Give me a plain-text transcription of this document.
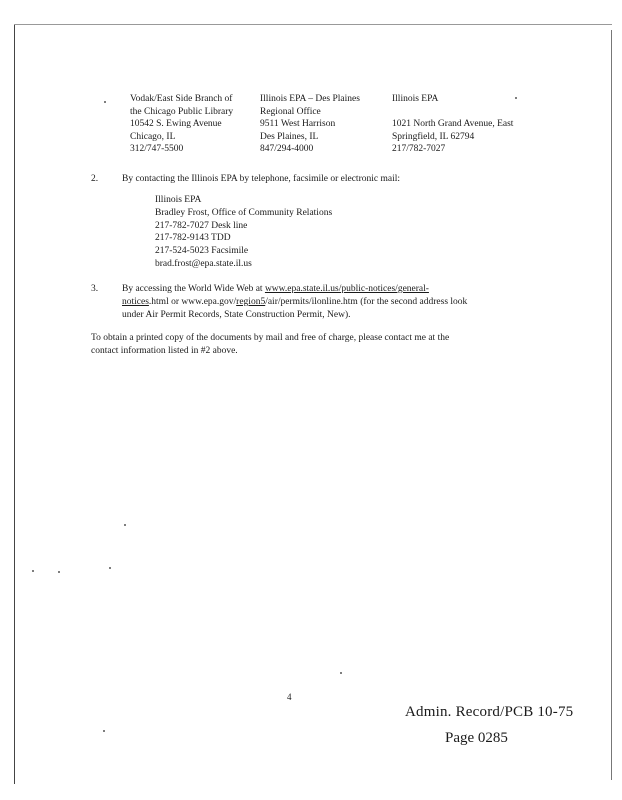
Vodak/East Side Branch of
the Chicago Public Library
10542 S. Ewing Avenue
Chicago, IL
312/747-5500
Illinois EPA – Des Plaines
Regional Office
9511 West Harrison
Des Plaines, IL
847/294-4000
Illinois EPA

1021 North Grand Avenue, East
Springfield, IL 62794
217/782-7027
2.	By contacting the Illinois EPA by telephone, facsimile or electronic mail:
Illinois EPA
Bradley Frost, Office of Community Relations
217-782-7027 Desk line
217-782-9143 TDD
217-524-5023 Facsimile
brad.frost@epa.state.il.us
3.	By accessing the World Wide Web at www.epa.state.il.us/public-notices/general-
notices.html or www.epa.gov/region5/air/permits/ilonline.htm (for the second address look
under Air Permit Records, State Construction Permit, New).
To obtain a printed copy of the documents by mail and free of charge, please contact me at the
contact information listed in #2 above.
4
Admin. Record/PCB 10-75
Page 0285
